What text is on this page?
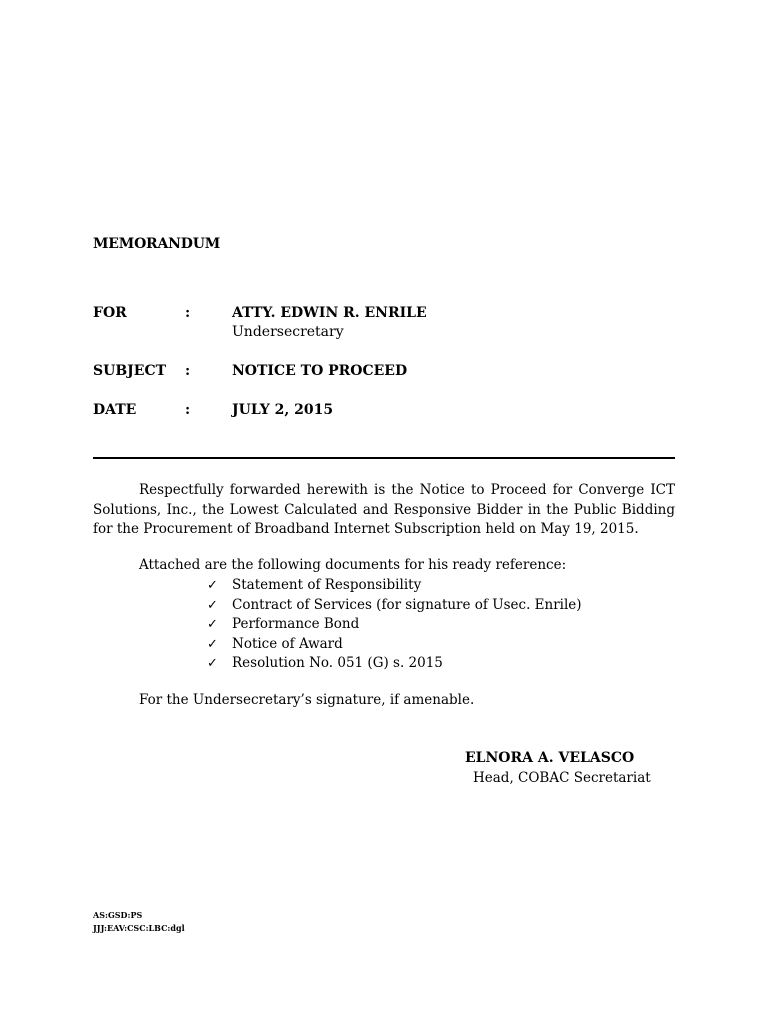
MEMORANDUM
FOR	:	ATTY. EDWIN R. ENRILE
Undersecretary
SUBJECT :	NOTICE TO PROCEED
DATE	:	JULY 2, 2015
Respectfully forwarded herewith is the Notice to Proceed for Converge ICT Solutions, Inc., the Lowest Calculated and Responsive Bidder in the Public Bidding for the Procurement of Broadband Internet Subscription held on May 19, 2015.
Attached are the following documents for his ready reference:
✓ Statement of Responsibility
✓ Contract of Services (for signature of Usec. Enrile)
✓ Performance Bond
✓ Notice of Award
✓ Resolution No. 051 (G) s. 2015
For the Undersecretary’s signature, if amenable.
ELNORA A. VELASCO
Head, COBAC Secretariat
AS:GSD:PS
JJJ:EAV:CSC:LBC:dgl
